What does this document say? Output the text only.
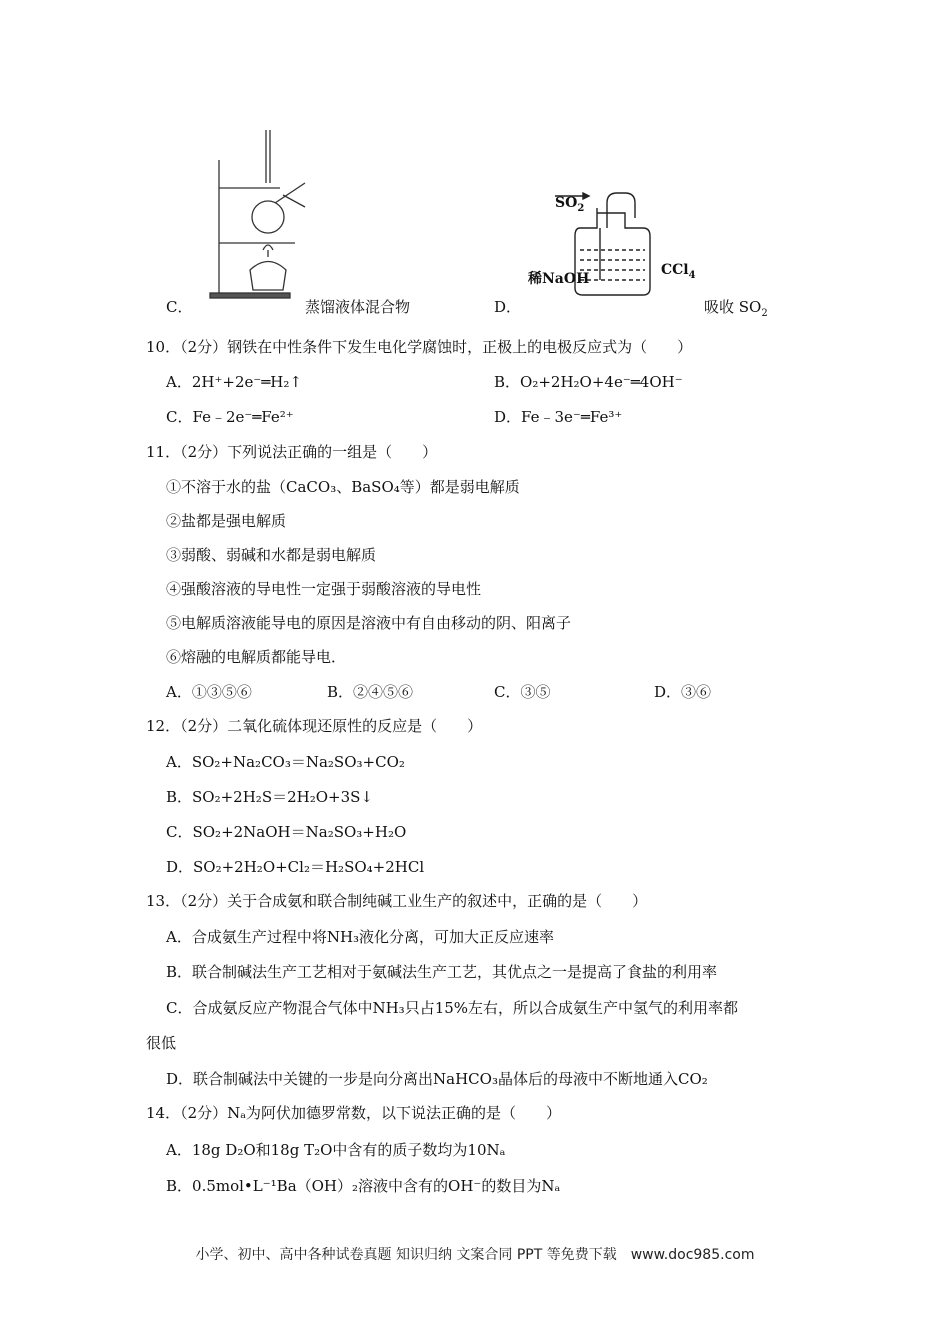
C．	蒸馏液体混合物
$SO_2$
稀NaOH
CCl$_4$
D．	吸收 $SO_2$
10．（2分）钢铁在中性条件下发生电化学腐蚀时，正极上的电极反应式为（　　）
A．2H⁺+2e⁻═H₂↑	B．O₂+2H₂O+4e⁻═4OH⁻
C．Fe﹣2e⁻═Fe²⁺	D．Fe﹣3e⁻═Fe³⁺
11．（2分）下列说法正确的一组是（　　）
①不溶于水的盐（CaCO₃、BaSO₄等）都是弱电解质
②盐都是强电解质
③弱酸、弱碱和水都是弱电解质
④强酸溶液的导电性一定强于弱酸溶液的导电性
⑤电解质溶液能导电的原因是溶液中有自由移动的阴、阳离子
⑥熔融的电解质都能导电．
A．①③⑤⑥	B．②④⑤⑥	C．③⑤	D．③⑥
12．（2分）二氧化硫体现还原性的反应是（　　）
A．SO₂+Na₂CO₃＝Na₂SO₃+CO₂
B．SO₂+2H₂S＝2H₂O+3S↓
C．SO₂+2NaOH＝Na₂SO₃+H₂O
D．SO₂+2H₂O+Cl₂＝H₂SO₄+2HCl
13．（2分）关于合成氨和联合制纯碱工业生产的叙述中，正确的是（　　）
A．合成氨生产过程中将NH₃液化分离，可加大正反应速率
B．联合制碱法生产工艺相对于氨碱法生产工艺，其优点之一是提高了食盐的利用率
C．合成氨反应产物混合气体中NH₃只占15%左右，所以合成氨生产中氢气的利用率都
很低
D．联合制碱法中关键的一步是向分离出NaHCO₃晶体后的母液中不断地通入CO₂
14．（2分）Nₐ为阿伏加德罗常数，以下说法正确的是（　　）
A．18g D₂O和18g T₂O中含有的质子数均为10Nₐ
B．0.5mol•L⁻¹Ba（OH）₂溶液中含有的OH⁻的数目为Nₐ
小学、初中、高中各种试卷真题 知识归纳 文案合同 PPT 等免费下载　www.doc985.com
